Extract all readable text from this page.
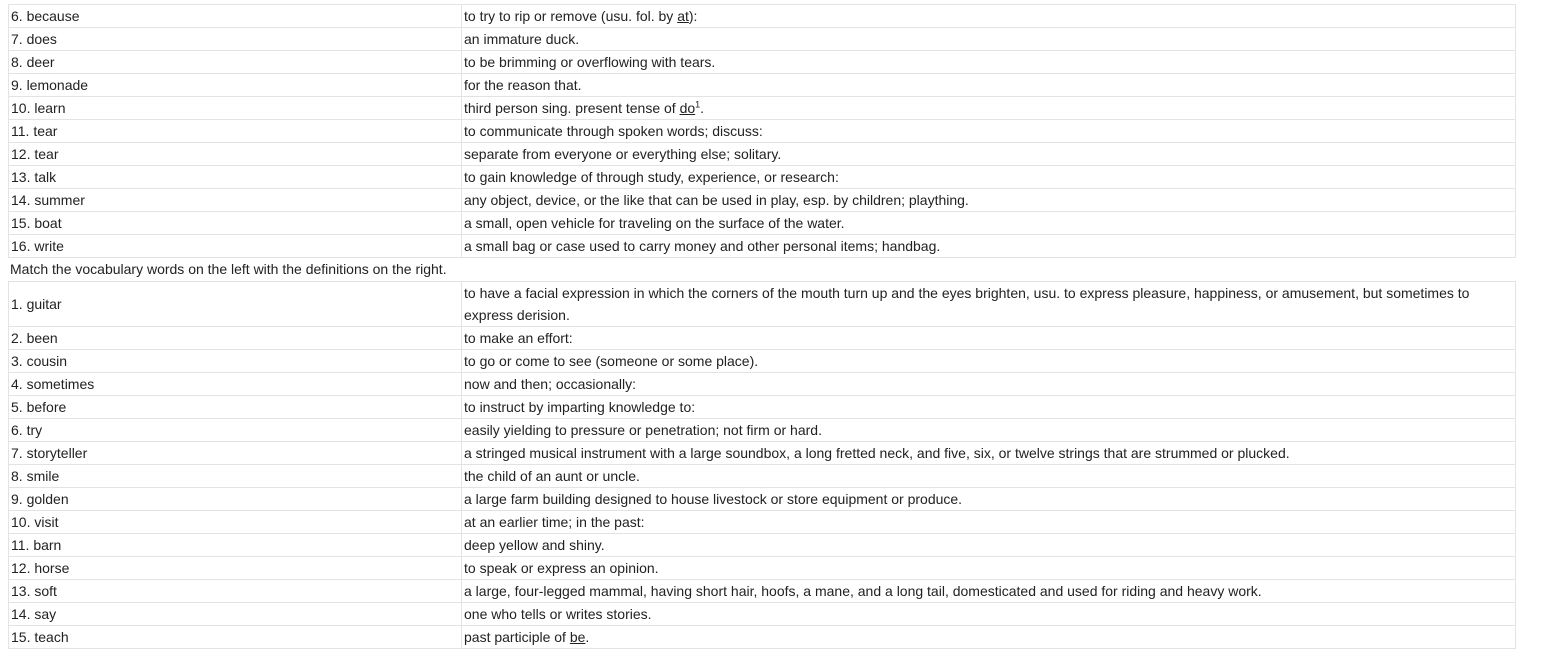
6. because	to try to rip or remove (usu. fol. by at):
7. does	an immature duck.
8. deer	to be brimming or overflowing with tears.
9. lemonade	for the reason that.
10. learn	third person sing. present tense of $do^1$.
11. tear	to communicate through spoken words; discuss:
12. tear	separate from everyone or everything else; solitary.
13. talk	to gain knowledge of through study, experience, or research:
14. summer	any object, device, or the like that can be used in play, esp. by children; plaything.
15. boat	a small, open vehicle for traveling on the surface of the water.
16. write	a small bag or case used to carry money and other personal items; handbag.
Match the vocabulary words on the left with the definitions on the right.
1. guitar	to have a facial expression in which the corners of the mouth turn up and the eyes brighten, usu. to express pleasure, happiness, or amusement, but sometimes to express derision.
2. been	to make an effort:
3. cousin	to go or come to see (someone or some place).
4. sometimes	now and then; occasionally:
5. before	to instruct by imparting knowledge to:
6. try	easily yielding to pressure or penetration; not firm or hard.
7. storyteller	a stringed musical instrument with a large soundbox, a long fretted neck, and five, six, or twelve strings that are strummed or plucked.
8. smile	the child of an aunt or uncle.
9. golden	a large farm building designed to house livestock or store equipment or produce.
10. visit	at an earlier time; in the past:
11. barn	deep yellow and shiny.
12. horse	to speak or express an opinion.
13. soft	a large, four-legged mammal, having short hair, hoofs, a mane, and a long tail, domesticated and used for riding and heavy work.
14. say	one who tells or writes stories.
15. teach	past participle of be.
